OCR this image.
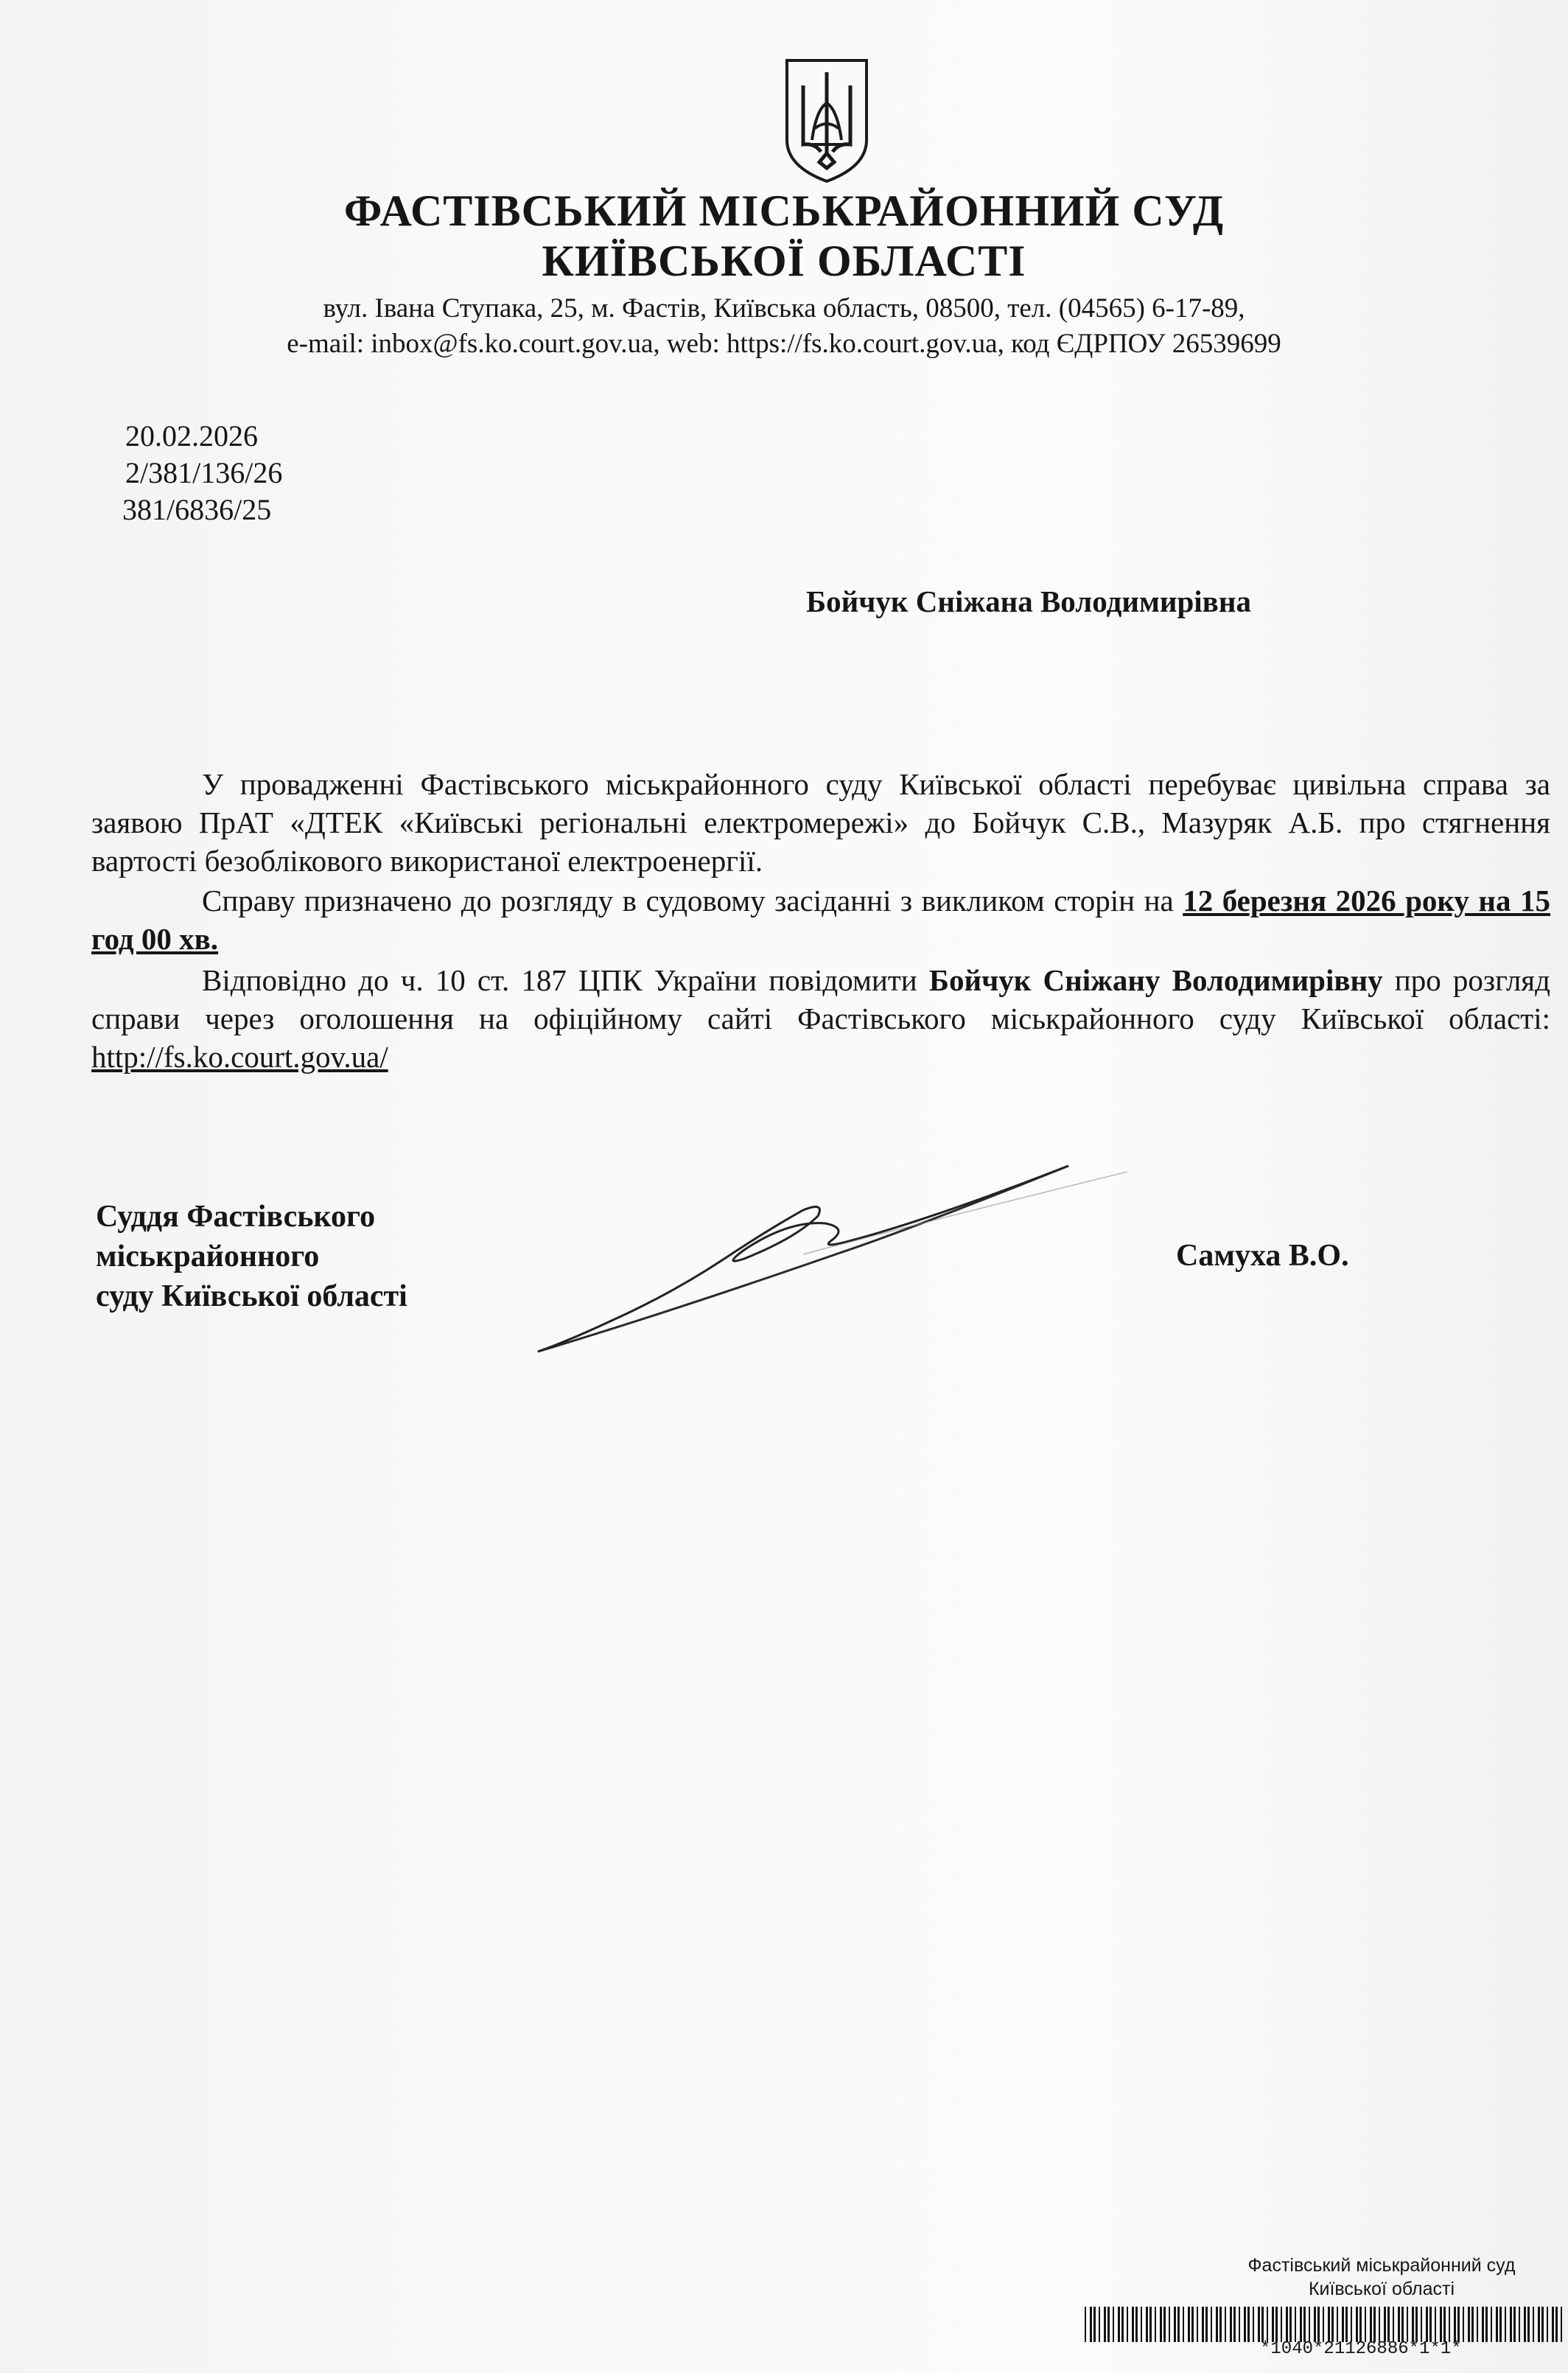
ФАСТІВСЬКИЙ МІСЬКРАЙОННИЙ СУД
КИЇВСЬКОЇ ОБЛАСТІ
вул. Івана Ступака, 25, м. Фастів, Київська область, 08500, тел. (04565) 6-17-89,
e-mail: inbox@fs.ko.court.gov.ua, web: https://fs.ko.court.gov.ua, код ЄДРПОУ 26539699
20.02.2026
2/381/136/26
381/6836/25
Бойчук Сніжана Володимирівна
У провадженні Фастівського міськрайонного суду Київської області перебуває цивільна справа за заявою ПрАТ «ДТЕК «Київські регіональні електромережі» до Бойчук С.В., Мазуряк А.Б. про стягнення вартості безоблікового використаної електроенергії.
Справу призначено до розгляду в судовому засіданні з викликом сторін на 12 березня 2026 року на 15 год 00 хв.
Відповідно до ч. 10 ст. 187 ЦПК України повідомити Бойчук Сніжану Володимирівну про розгляд справи через оголошення на офіційному сайті Фастівського міськрайонного суду Київської області: http://fs.ko.court.gov.ua/
Суддя Фастівського
міськрайонного
суду Київської області
Самуха В.О.
Фастівський міськрайонний суд
Київської області
*1040*21126886*1*1*
